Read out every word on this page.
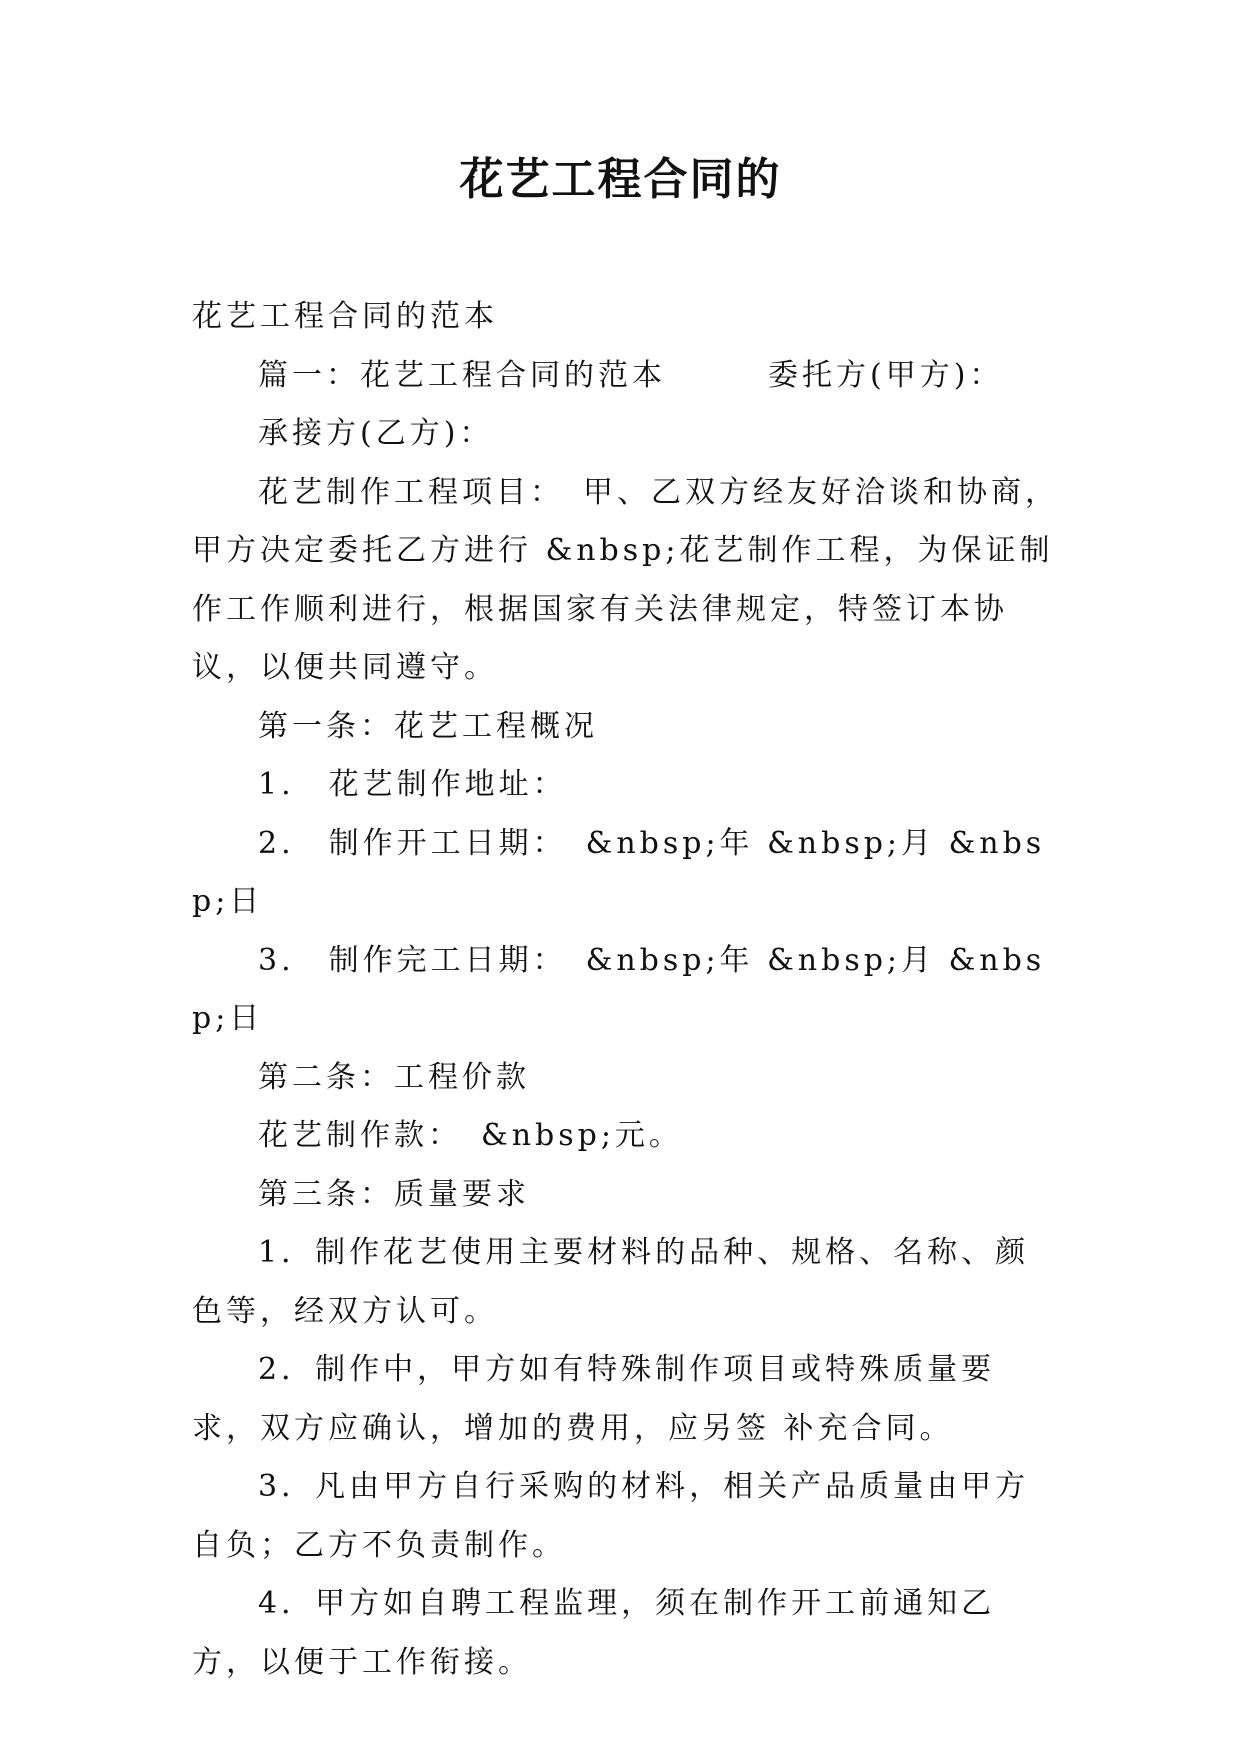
花艺工程合同的

花艺工程合同的范本

篇一：花艺工程合同的范本　　　委托方(甲方)：

承接方(乙方)：

花艺制作工程项目：　甲、乙双方经友好洽谈和协商，甲方决定委托乙方进行 &nbsp;花艺制作工程，为保证制作工作顺利进行，根据国家有关法律规定，特签订本协议，以便共同遵守。

第一条：花艺工程概况

1.　花艺制作地址：

2.　制作开工日期：　&nbsp;年 &nbsp;月 &nbsp;日

3.　制作完工日期：　&nbsp;年 &nbsp;月 &nbsp;日

第二条：工程价款

花艺制作款：　&nbsp;元。

第三条：质量要求

1．制作花艺使用主要材料的品种、规格、名称、颜色等，经双方认可。

2．制作中，甲方如有特殊制作项目或特殊质量要求，双方应确认，增加的费用，应另签 补充合同。

3．凡由甲方自行采购的材料，相关产品质量由甲方自负；乙方不负责制作。

4．甲方如自聘工程监理，须在制作开工前通知乙方，以便于工作衔接。
